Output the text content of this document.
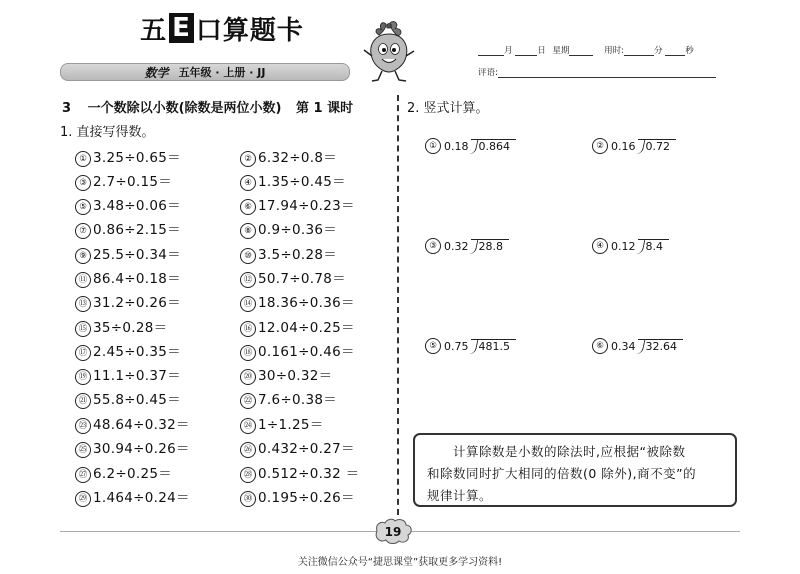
五 E 口算题卡
数学 五年级 · 上册 · JJ
月	日 星期	用时:	分	秒
评语:
3 一个数除以小数(除数是两位小数) 第 1 课时
1. 直接写得数。
2. 竖式计算。
① 3.25÷0.65＝	② 6.32÷0.8＝
③ 2.7÷0.15＝	④ 1.35÷0.45＝
⑤ 3.48÷0.06＝	⑥ 17.94÷0.23＝
⑦ 0.86÷2.15＝	⑧ 0.9÷0.36＝
⑨ 25.5÷0.34＝	⑩ 3.5÷0.28＝
⑪ 86.4÷0.18＝	⑫ 50.7÷0.78＝
⑬ 31.2÷0.26＝	⑭ 18.36÷0.36＝
⑮ 35÷0.28＝	⑯ 12.04÷0.25＝
⑰ 2.45÷0.35＝	⑱ 0.161÷0.46＝
⑲ 11.1÷0.37＝	⑳ 30÷0.32＝
㉑ 55.8÷0.45＝	㉒ 7.6÷0.38＝
㉓ 48.64÷0.32＝	㉔ 1÷1.25＝
㉕ 30.94÷0.26＝	㉖ 0.432÷0.27＝
㉗ 6.2÷0.25＝	㉘ 0.512÷0.32 ＝
㉙ 1.464÷0.24＝	㉚ 0.195÷0.26＝
① 0.18 0.864	② 0.16 0.72
③ 0.32 28.8	④ 0.12 8.4
⑤ 0.75 481.5	⑥ 0.34 32.64
计算除数是小数的除法时,应根据“被除数
和除数同时扩大相同的倍数(0 除外),商不变”的
规律计算。
19
关注微信公众号“捷思课堂”获取更多学习资料!
